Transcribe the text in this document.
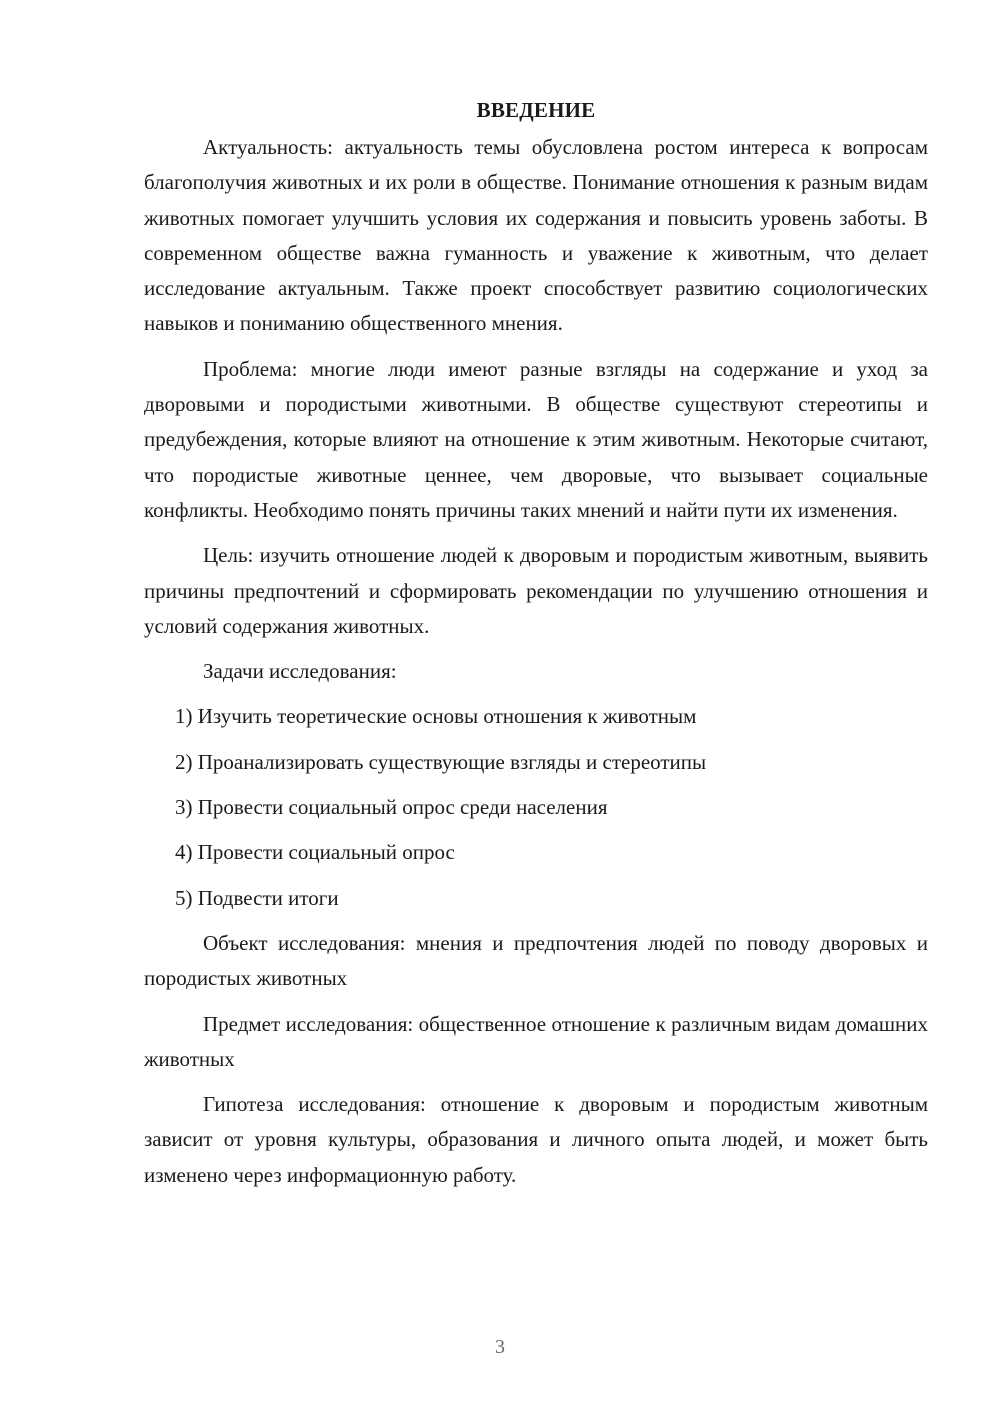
ВВЕДЕНИЕ

Актуальность: актуальность темы обусловлена ростом интереса к вопросам благополучия животных и их роли в обществе. Понимание отношения к разным видам животных помогает улучшить условия их содержания и повысить уровень заботы. В современном обществе важна гуманность и уважение к животным, что делает исследование актуальным. Также проект способствует развитию социологических навыков и пониманию общественного мнения.

Проблема: многие люди имеют разные взгляды на содержание и уход за дворовыми и породистыми животными. В обществе существуют стереотипы и предубеждения, которые влияют на отношение к этим животным. Некоторые считают, что породистые животные ценнее, чем дворовые, что вызывает социальные конфликты. Необходимо понять причины таких мнений и найти пути их изменения.

Цель: изучить отношение людей к дворовым и породистым животным, выявить причины предпочтений и сформировать рекомендации по улучшению отношения и условий содержания животных.

Задачи исследования:

1) Изучить теоретические основы отношения к животным
2) Проанализировать существующие взгляды и стереотипы
3) Провести социальный опрос среди населения
4) Провести социальный опрос
5) Подвести итоги

Объект исследования: мнения и предпочтения людей по поводу дворовых и породистых животных

Предмет исследования: общественное отношение к различным видам домашних животных

Гипотеза исследования: отношение к дворовым и породистым животным зависит от уровня культуры, образования и личного опыта людей, и может быть изменено через информационную работу.

3
